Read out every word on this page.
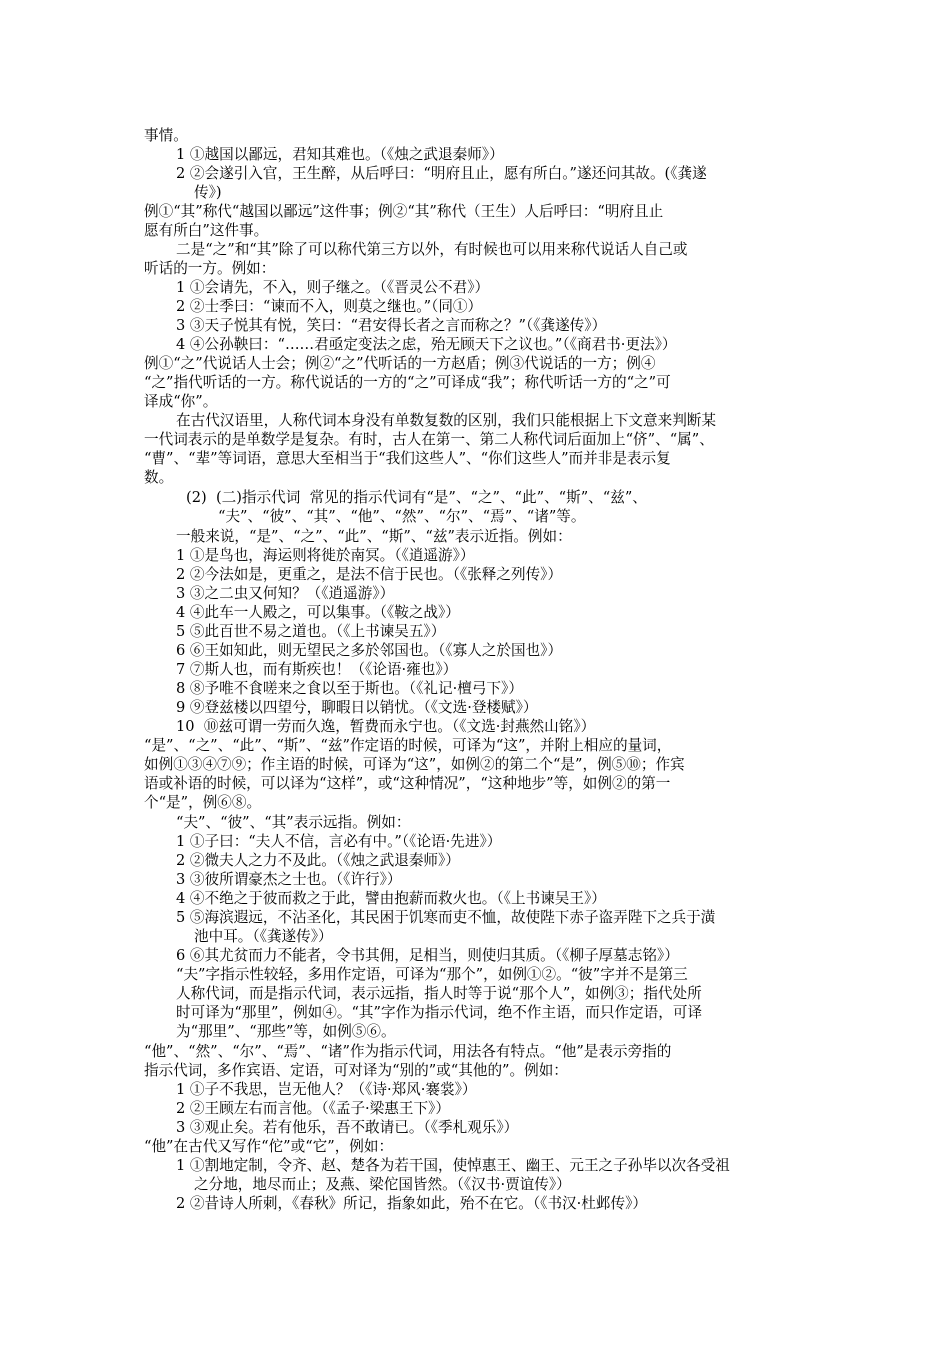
事情。
1 ①越国以鄙远，君知其难也。（《烛之武退秦师》）
2 ②会遂引入官，王生醉，从后呼曰：“明府且止，愿有所白。”遂还问其故。(《龚遂
传》)
例①“其”称代“越国以鄙远”这件事；例②“其”称代（王生）人后呼曰：“明府且止
愿有所白”这件事。
二是“之”和“其”除了可以称代第三方以外，有时候也可以用来称代说话人自己或
听话的一方。例如：
1 ①会请先，不入，则子继之。（《晋灵公不君》）
2 ②士季曰：“谏而不入，则莫之继也。”（同①）
3 ③天子悦其有悦，笑曰：“君安得长者之言而称之？”（《龚遂传》）
4 ④公孙鞅曰：“……君亟定变法之虑，殆无顾天下之议也。”（《商君书·更法》）
例①“之”代说话人士会；例②“之”代听话的一方赵盾；例③代说话的一方；例④
“之”指代听话的一方。称代说话的一方的“之”可译成“我”；称代听话一方的“之”可
译成“你”。
在古代汉语里，人称代词本身没有单数复数的区别，我们只能根据上下文意来判断某
一代词表示的是单数学是复杂。有时，古人在第一、第二人称代词后面加上“侪”、“属”、
“曹”、“辈”等词语，意思大至相当于“我们这些人”、“你们这些人”而并非是表示复
数。
(2)  (二)指示代词  常见的指示代词有“是”、“之”、“此”、“斯”、“兹”、
“夫”、“彼”、“其”、“他”、“然”、“尔”、“焉”、“诸”等。
一般来说，“是”、“之”、“此”、“斯”、“兹”表示近指。例如：
1 ①是鸟也，海运则将徙於南冥。（《逍遥游》）
2 ②今法如是，更重之，是法不信于民也。（《张释之列传》）
3 ③之二虫又何知？（《逍遥游》）
4 ④此车一人殿之，可以集事。（《鞍之战》）
5 ⑤此百世不易之道也。（《上书谏吴五》）
6 ⑥王如知此，则无望民之多於邻国也。（《寡人之於国也》）
7 ⑦斯人也，而有斯疾也！（《论语·雍也》）
8 ⑧予唯不食嗟来之食以至于斯也。（《礼记·檀弓下》）
9 ⑨登兹楼以四望兮，聊暇日以销忧。（《文选·登楼赋》）
10  ⑩兹可谓一劳而久逸，暂费而永宁也。（《文选·封燕然山铭》）
“是”、“之”、“此”、“斯”、“兹”作定语的时候，可译为“这”，并附上相应的量词，
如例①③④⑦⑨；作主语的时候，可译为“这”，如例②的第二个“是”，例⑤⑩；作宾
语或补语的时候，可以译为“这样”，或“这种情况”，“这种地步”等，如例②的第一
个“是”，例⑥⑧。
“夫”、“彼”、“其”表示远指。例如：
1 ①子曰：“夫人不信，言必有中。”（《论语·先进》）
2 ②微夫人之力不及此。（《烛之武退秦师》）
3 ③彼所谓豪杰之士也。（《许行》）
4 ④不绝之于彼而救之于此，譬由抱薪而救火也。（《上书谏吴王》）
5 ⑤海滨遐远，不沾圣化，其民困于饥寒而吏不恤，故使陛下赤子盗弄陛下之兵于潢
池中耳。（《龚遂传》）
6 ⑥其尤贫而力不能者，令书其佣，足相当，则使归其质。（《柳子厚墓志铭》）
“夫”字指示性较轻，多用作定语，可译为“那个”，如例①②。“彼”字并不是第三
人称代词，而是指示代词，表示远指，指人时等于说“那个人”，如例③；指代处所
时可译为“那里”，例如④。“其”字作为指示代词，绝不作主语，而只作定语，可译
为“那里”、“那些”等，如例⑤⑥。
“他”、“然”、“尔”、“焉”、“诸”作为指示代词，用法各有特点。“他”是表示旁指的
指示代词，多作宾语、定语，可对译为“别的”或“其他的”。例如：
1 ①子不我思，岂无他人？（《诗·郑风·褰裳》）
2 ②王顾左右而言他。（《孟子·梁惠王下》）
3 ③观止矣。若有他乐，吾不敢请已。（《季札观乐》）
“他”在古代又写作“佗”或“它”，例如：
1 ①割地定制，令齐、赵、楚各为若干国，使悼惠王、幽王、元王之子孙毕以次各受祖
之分地，地尽而止；及燕、梁佗国皆然。（《汉书·贾谊传》）
2 ②昔诗人所刺，《春秋》所记，指象如此，殆不在它。（《书汉·杜邺传》）
